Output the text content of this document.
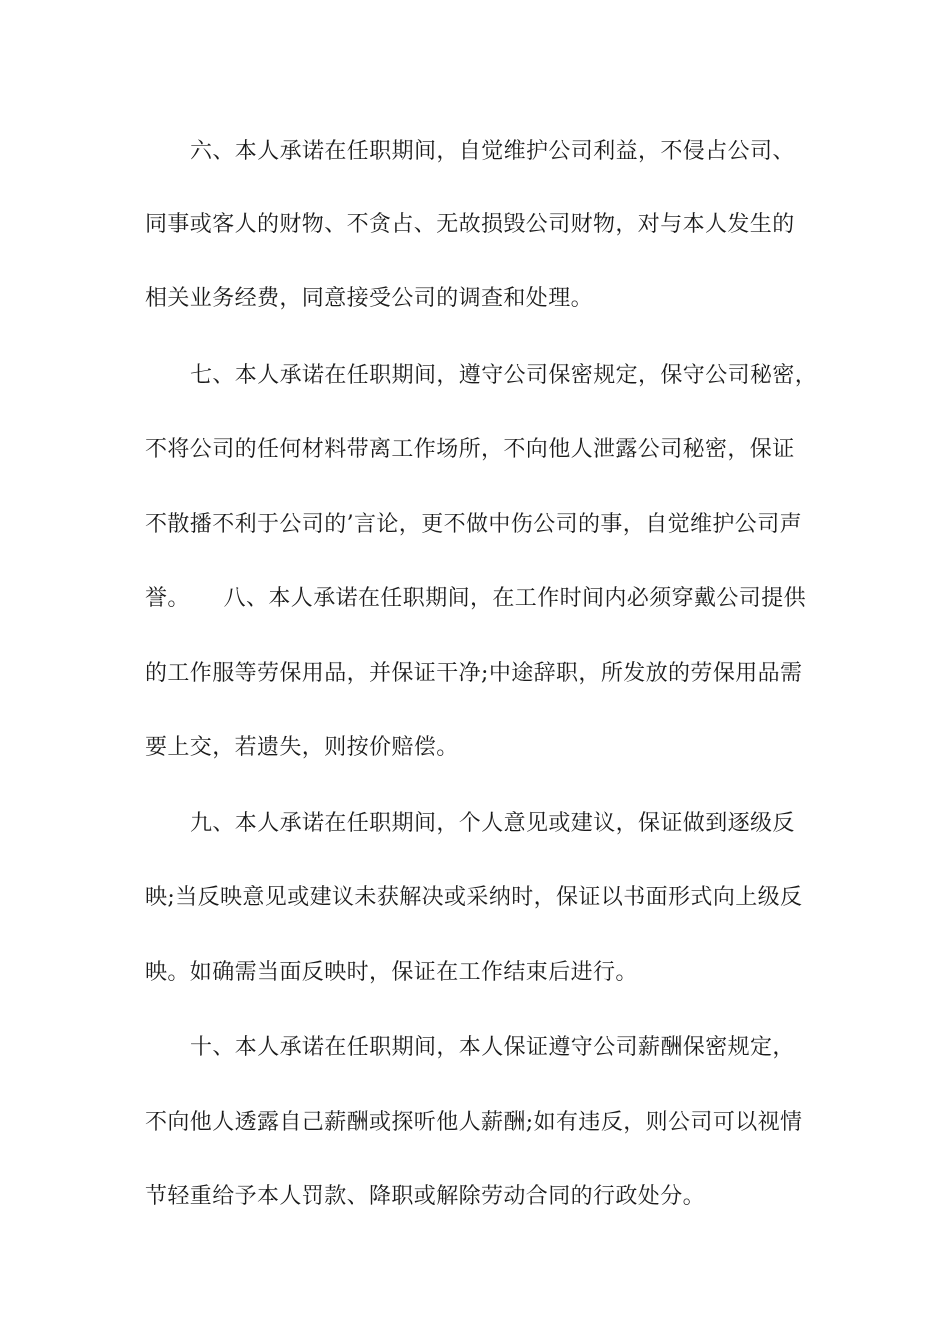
六、本人承诺在任职期间，自觉维护公司利益，不侵占公司、
同事或客人的财物、不贪占、无故损毁公司财物，对与本人发生的
相关业务经费，同意接受公司的调查和处理。
七、本人承诺在任职期间，遵守公司保密规定，保守公司秘密，
不将公司的任何材料带离工作场所，不向他人泄露公司秘密，保证
不散播不利于公司的’言论，更不做中伤公司的事，自觉维护公司声
誉。　　八、本人承诺在任职期间，在工作时间内必须穿戴公司提供
的工作服等劳保用品，并保证干净;中途辞职，所发放的劳保用品需
要上交，若遗失，则按价赔偿。
九、本人承诺在任职期间，个人意见或建议，保证做到逐级反
映;当反映意见或建议未获解决或采纳时，保证以书面形式向上级反
映。如确需当面反映时，保证在工作结束后进行。
十、本人承诺在任职期间，本人保证遵守公司薪酬保密规定，
不向他人透露自己薪酬或探听他人薪酬;如有违反，则公司可以视情
节轻重给予本人罚款、降职或解除劳动合同的行政处分。
